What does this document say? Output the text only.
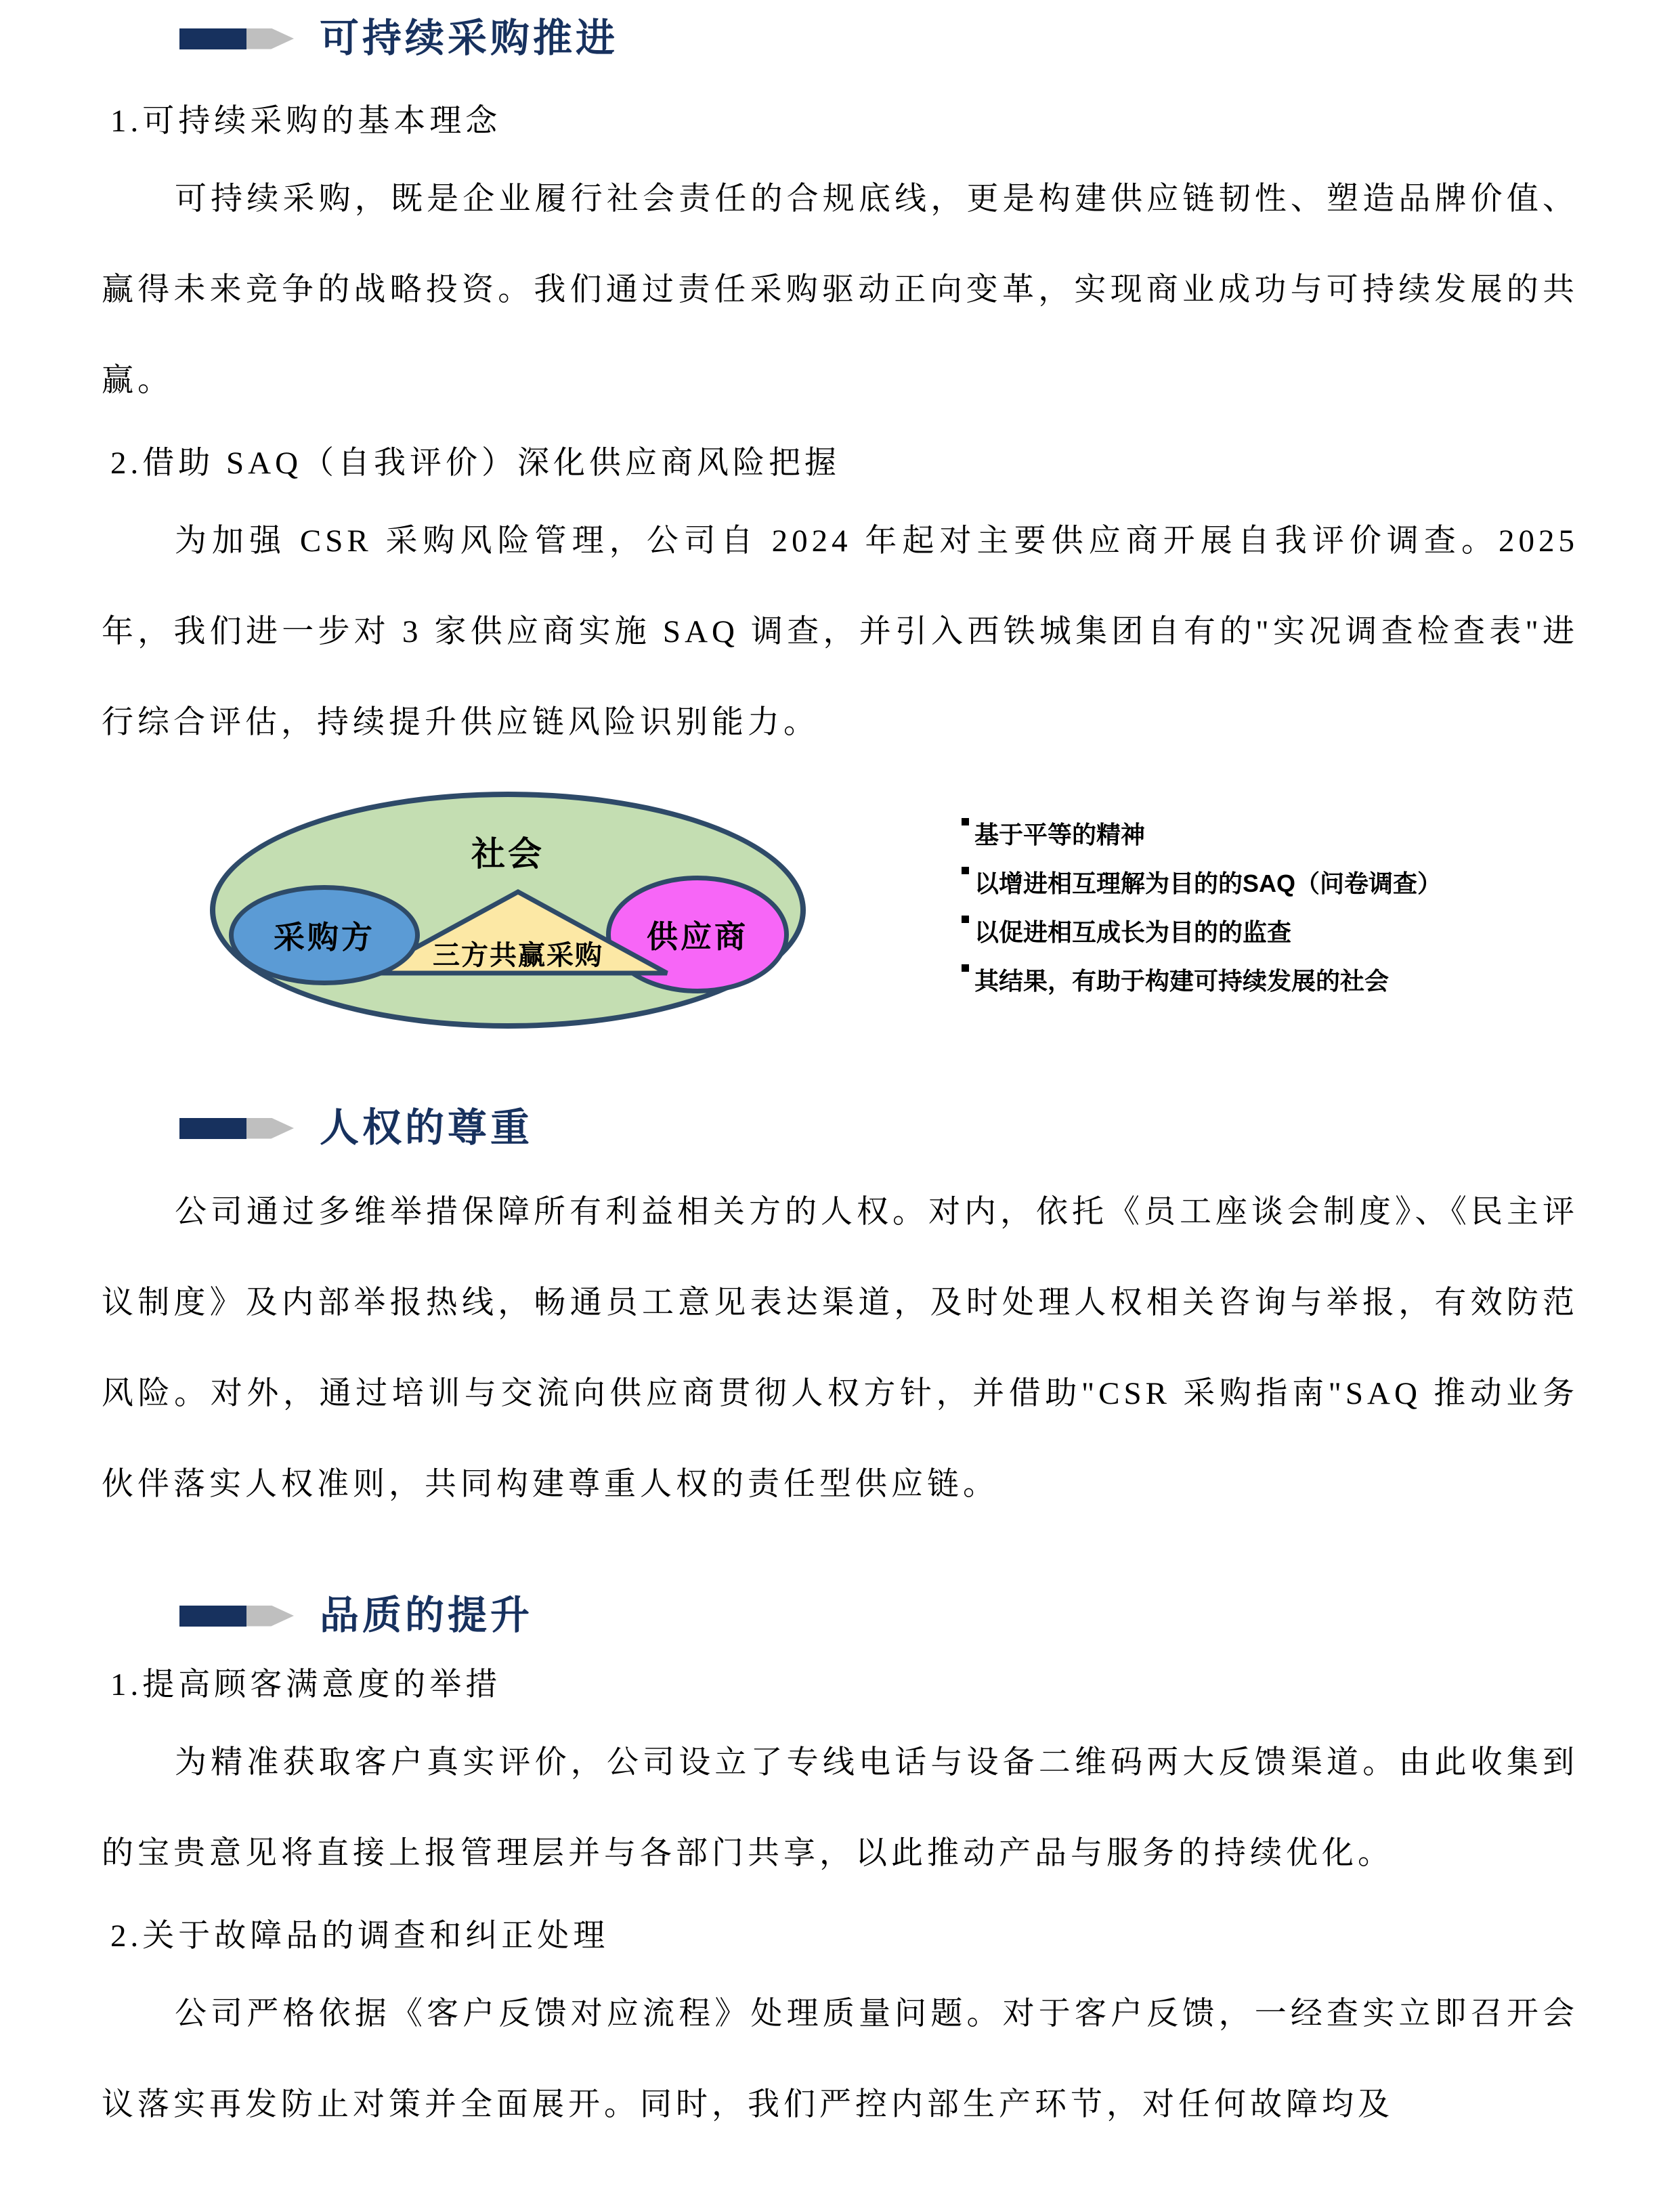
可持续采购推进
1.可持续采购的基本理念

可持续采购，既是企业履行社会责任的合规底线，更是构建供应链韧性、塑造品牌价值、赢得未来竞争的战略投资。我们通过责任采购驱动正向变革，实现商业成功与可持续发展的共赢。

2.借助 SAQ（自我评价）深化供应商风险把握

为加强 CSR 采购风险管理，公司自 2024 年起对主要供应商开展自我评价调查。2025 年，我们进一步对 3 家供应商实施 SAQ 调查，并引入西铁城集团自有的"实况调查检查表"进行综合评估，持续提升供应链风险识别能力。

社会
供应商
三方共赢采购
采购方
基于平等的精神
以增进相互理解为目的的SAQ（问卷调查）
以促进相互成长为目的的监查
其结果，有助于构建可持续发展的社会
人权的尊重

公司通过多维举措保障所有利益相关方的人权。对内，依托《员工座谈会制度》、《民主评议制度》及内部举报热线，畅通员工意见表达渠道，及时处理人权相关咨询与举报，有效防范风险。对外，通过培训与交流向供应商贯彻人权方针，并借助"CSR 采购指南"SAQ 推动业务伙伴落实人权准则，共同构建尊重人权的责任型供应链。

品质的提升
1.提高顾客满意度的举措

为精准获取客户真实评价，公司设立了专线电话与设备二维码两大反馈渠道。由此收集到的宝贵意见将直接上报管理层并与各部门共享，以此推动产品与服务的持续优化。

2.关于故障品的调查和纠正处理

公司严格依据《客户反馈对应流程》处理质量问题。对于客户反馈，一经查实立即召开会议落实再发防止对策并全面展开。同时，我们严控内部生产环节，对任何故障均及
